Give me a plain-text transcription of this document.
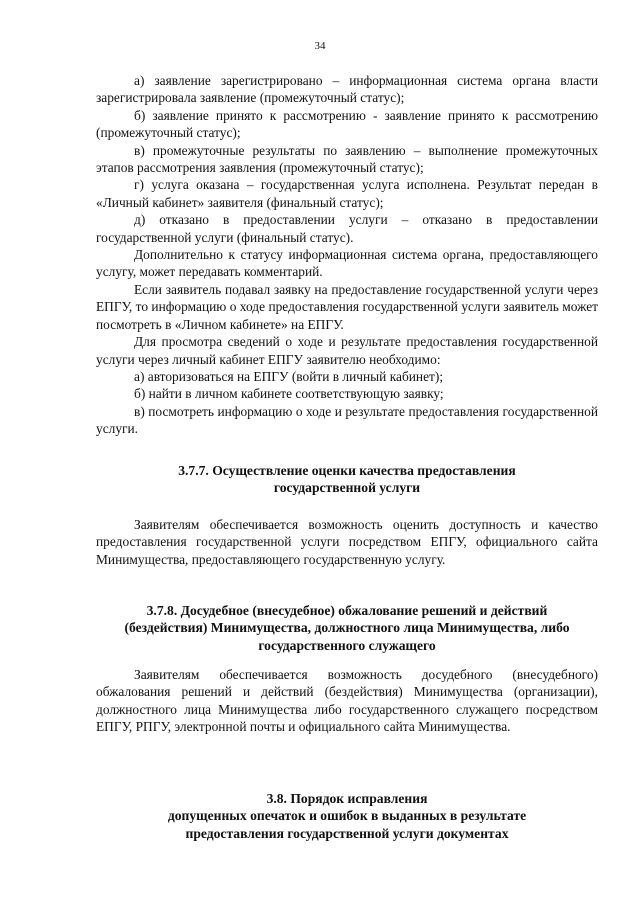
34

а) заявление зарегистрировано – информационная система органа власти зарегистрировала заявление (промежуточный статус);

б) заявление принято к рассмотрению - заявление принято к рассмотрению (промежуточный статус);

в) промежуточные результаты по заявлению – выполнение промежуточных этапов рассмотрения заявления (промежуточный статус);

г) услуга оказана – государственная услуга исполнена. Результат передан в «Личный кабинет» заявителя (финальный статус);

д) отказано в предоставлении услуги – отказано в предоставлении государственной услуги (финальный статус).

Дополнительно к статусу информационная система органа, предоставляющего услугу, может передавать комментарий.

Если заявитель подавал заявку на предоставление государственной услуги через ЕПГУ, то информацию о ходе предоставления государственной услуги заявитель может посмотреть в «Личном кабинете» на ЕПГУ.

Для просмотра сведений о ходе и результате предоставления государственной услуги через личный кабинет ЕПГУ заявителю необходимо:

а) авторизоваться на ЕПГУ (войти в личный кабинет);

б) найти в личном кабинете соответствующую заявку;

в) посмотреть информацию о ходе и результате предоставления государственной услуги.

3.7.7. Осуществление оценки качества предоставления
государственной услуги

Заявителям обеспечивается возможность оценить доступность и качество предоставления государственной услуги посредством ЕПГУ, официального сайта Минимущества, предоставляющего государственную услугу.

3.7.8. Досудебное (внесудебное) обжалование решений и действий
(бездействия) Минимущества, должностного лица Минимущества, либо
государственного служащего

Заявителям обеспечивается возможность досудебного (внесудебного) обжалования решений и действий (бездействия) Минимущества (организации), должностного лица Минимущества либо государственного служащего посредством ЕПГУ, РПГУ, электронной почты и официального сайта Минимущества.

3.8. Порядок исправления
допущенных опечаток и ошибок в выданных в результате
предоставления государственной услуги документах
